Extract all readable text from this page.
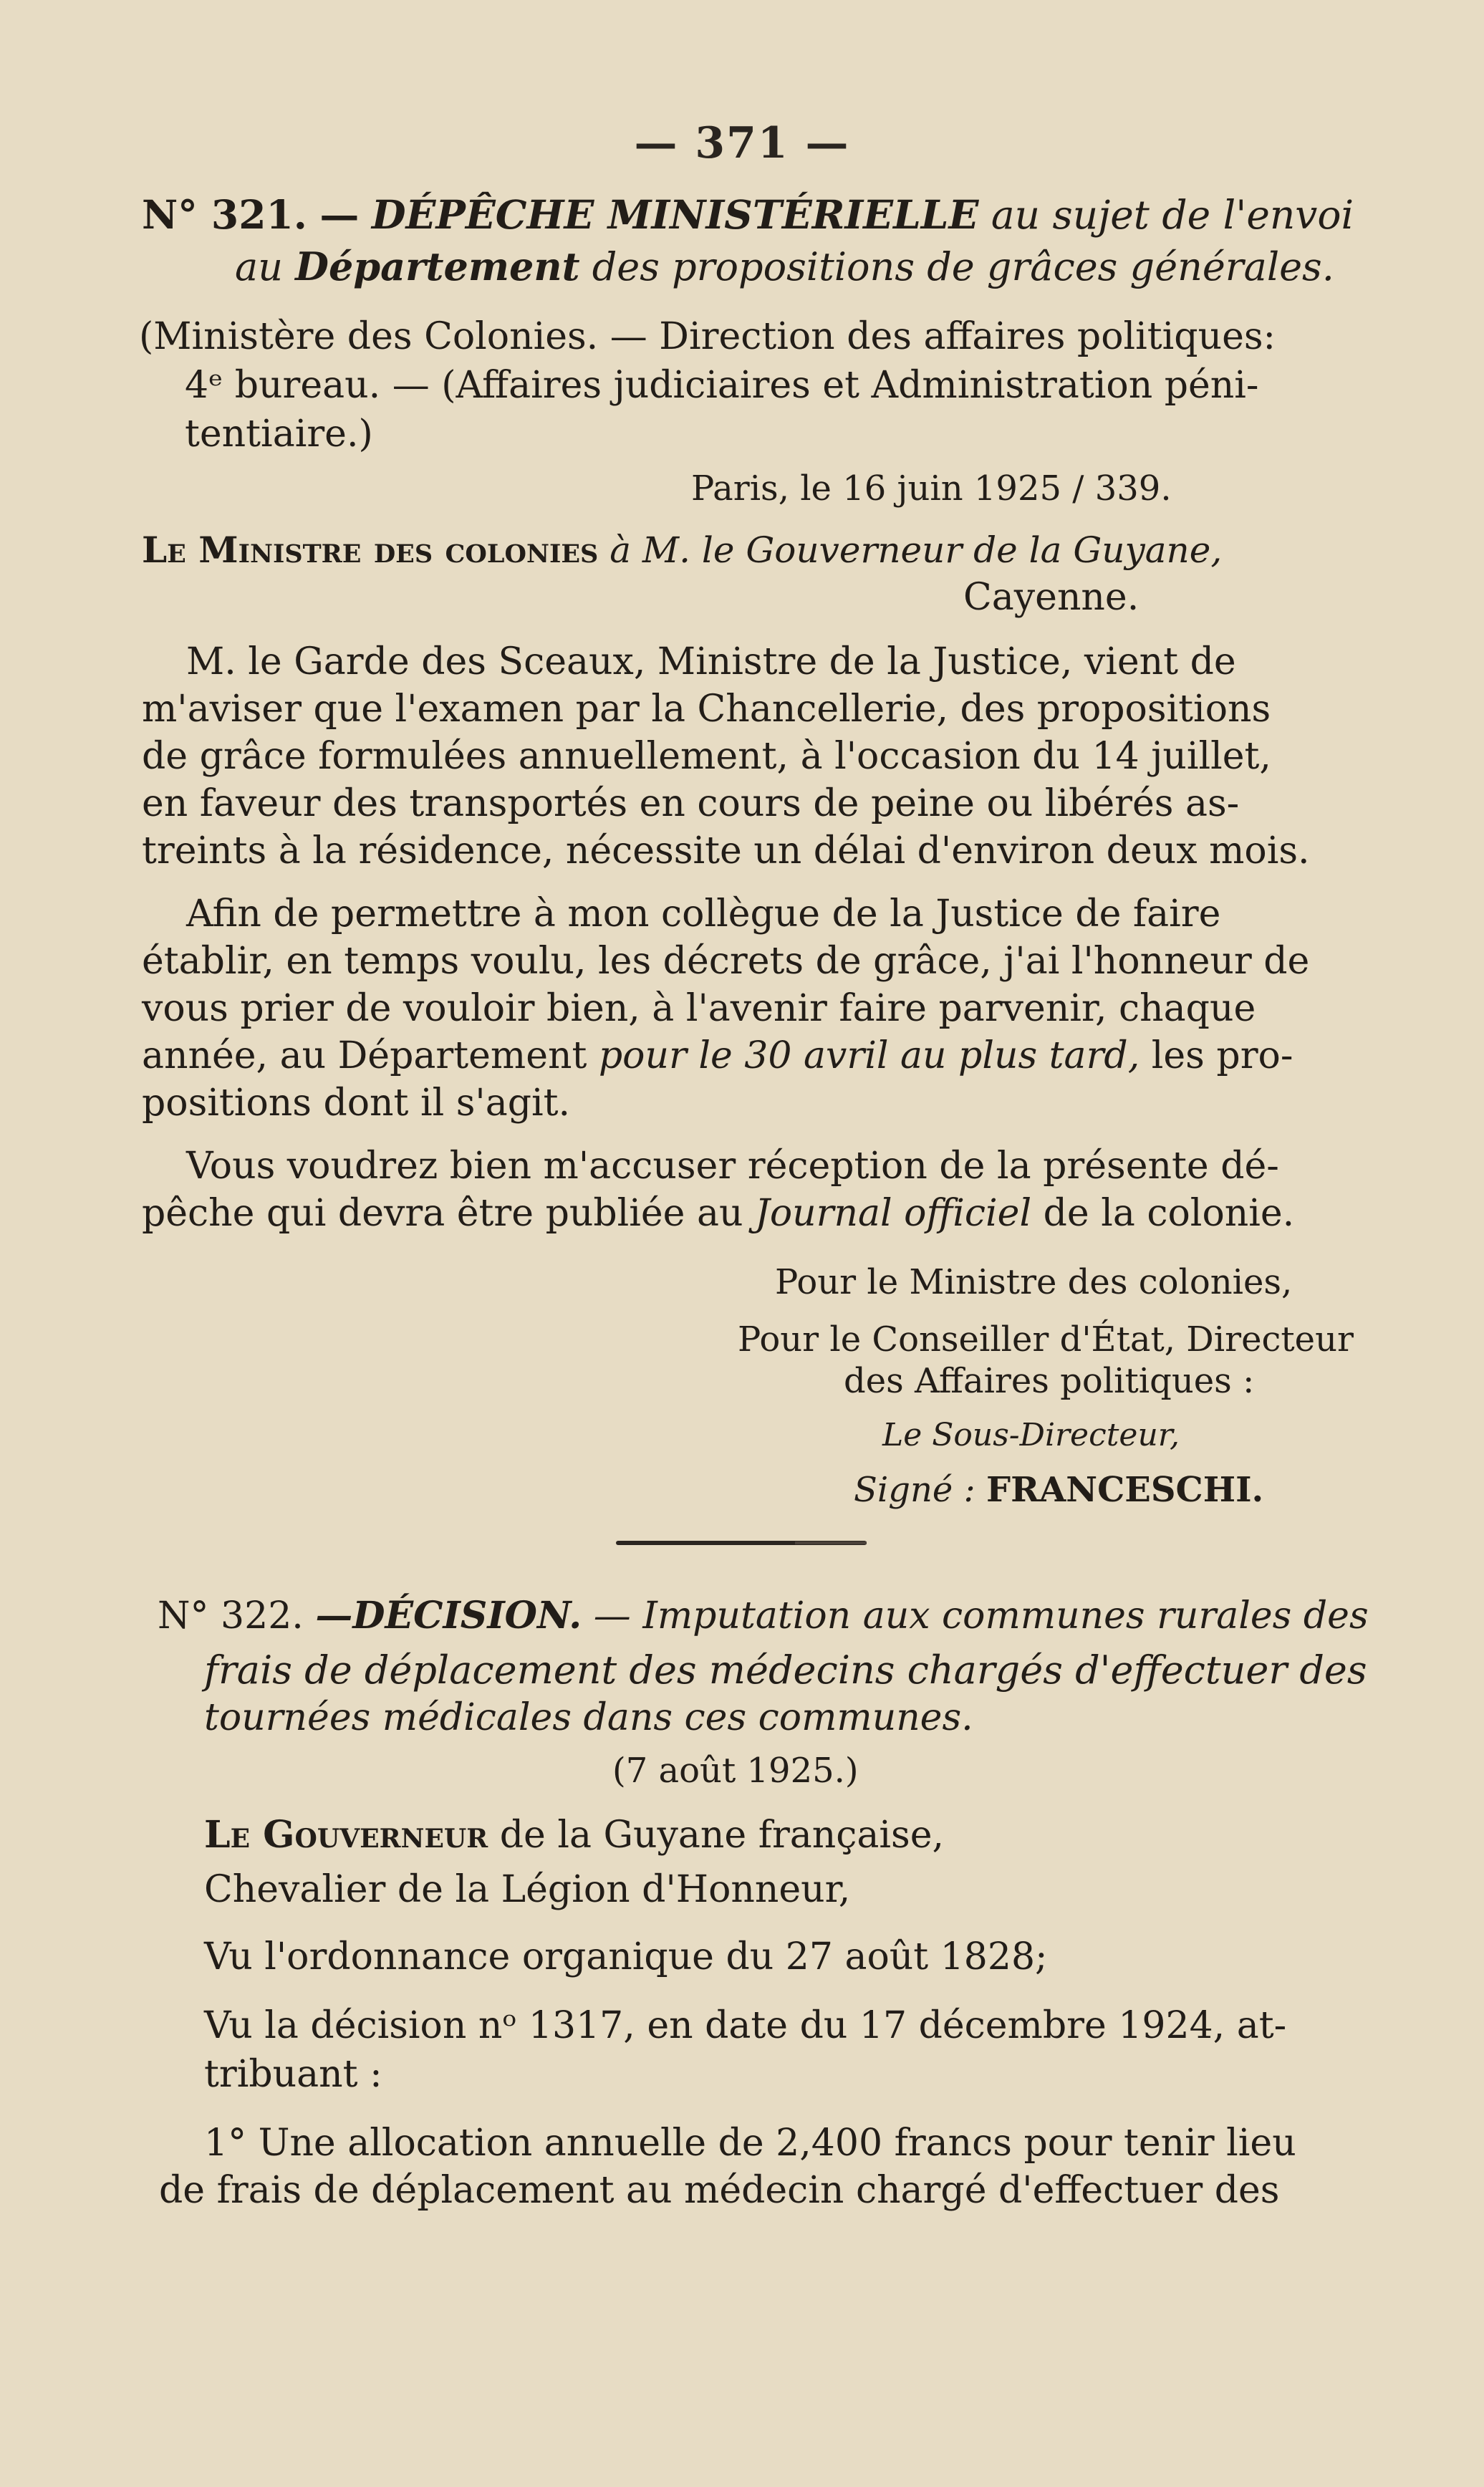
— 371 —
N° 321. — DÉPÊCHE MINISTÉRIELLE au sujet de l'envoi
au Département des propositions de grâces générales.
(Ministère des Colonies. — Direction des affaires politiques:
4ᵉ bureau. — (Affaires judiciaires et Administration péni-
tentiaire.)
Paris, le 16 juin 1925 / 339.
Le Ministre des colonies à M. le Gouverneur de la Guyane,
Cayenne.
M. le Garde des Sceaux, Ministre de la Justice, vient de
m'aviser que l'examen par la Chancellerie, des propositions
de grâce formulées annuellement, à l'occasion du 14 juillet,
en faveur des transportés en cours de peine ou libérés as-
treints à la résidence, nécessite un délai d'environ deux mois.
Afin de permettre à mon collègue de la Justice de faire
établir, en temps voulu, les décrets de grâce, j'ai l'honneur de
vous prier de vouloir bien, à l'avenir faire parvenir, chaque
année, au Département pour le 30 avril au plus tard, les pro-
positions dont il s'agit.
Vous voudrez bien m'accuser réception de la présente dé-
pêche qui devra être publiée au Journal officiel de la colonie.
Pour le Ministre des colonies,
Pour le Conseiller d'État, Directeur
des Affaires politiques :
Le Sous-Directeur,
Signé : FRANCESCHI.
N° 322. —DÉCISION. — Imputation aux communes rurales des
frais de déplacement des médecins chargés d'effectuer des
tournées médicales dans ces communes.
(7 août 1925.)
Le Gouverneur de la Guyane française,
Chevalier de la Légion d'Honneur,
Vu l'ordonnance organique du 27 août 1828;
Vu la décision nᵒ 1317, en date du 17 décembre 1924, at-
tribuant :
1° Une allocation annuelle de 2,400 francs pour tenir lieu
de frais de déplacement au médecin chargé d'effectuer des
